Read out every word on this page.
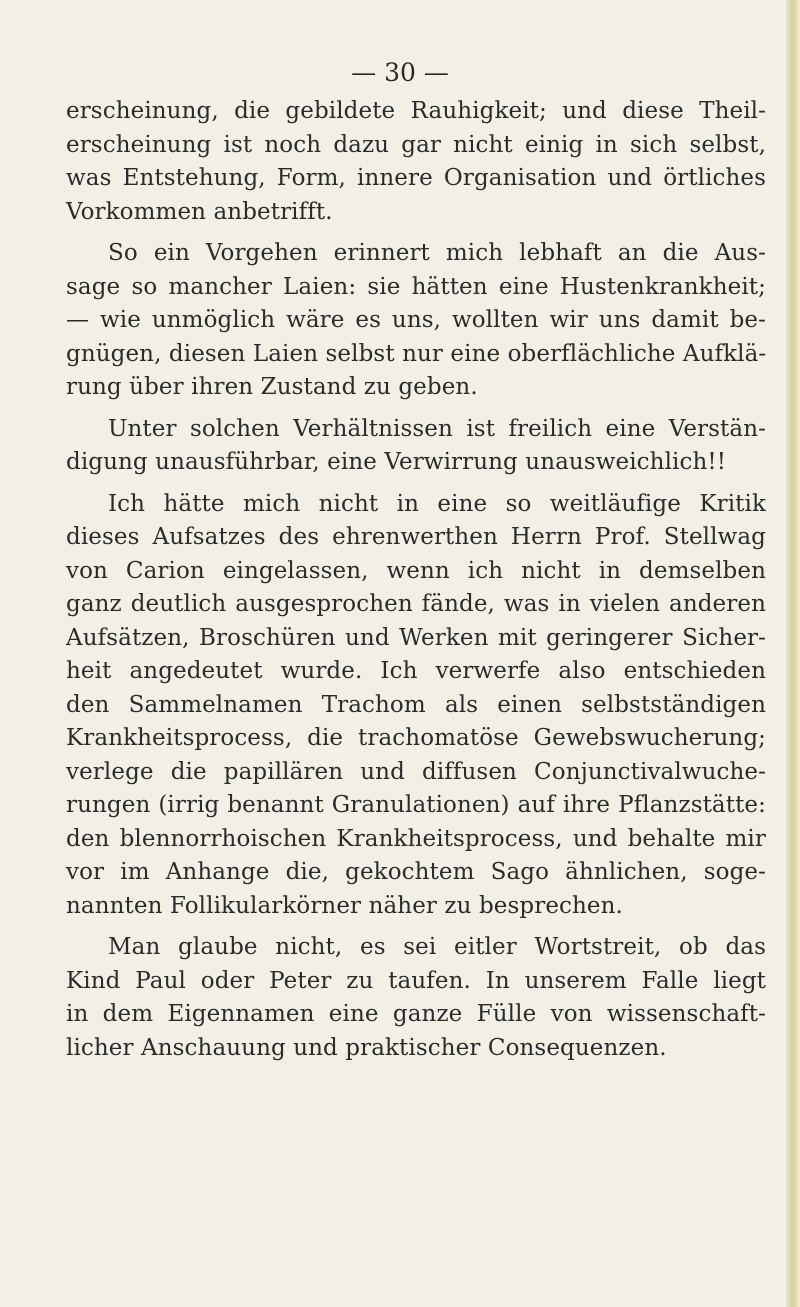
— 30 —

erscheinung, die gebildete Rauhigkeit; und diese Theil-
erscheinung ist noch dazu gar nicht einig in sich selbst,
was Entstehung, Form, innere Organisation und örtliches
Vorkommen anbetrifft.

So ein Vorgehen erinnert mich lebhaft an die Aus-
sage so mancher Laien: sie hätten eine Hustenkrankheit;
— wie unmöglich wäre es uns, wollten wir uns damit be-
gnügen, diesen Laien selbst nur eine oberflächliche Aufklä-
rung über ihren Zustand zu geben.

Unter solchen Verhältnissen ist freilich eine Verstän-
digung unausführbar, eine Verwirrung unausweichlich!!

Ich hätte mich nicht in eine so weitläufige Kritik
dieses Aufsatzes des ehrenwerthen Herrn Prof. Stellwag
von Carion eingelassen, wenn ich nicht in demselben
ganz deutlich ausgesprochen fände, was in vielen anderen
Aufsätzen, Broschüren und Werken mit geringerer Sicher-
heit angedeutet wurde. Ich verwerfe also entschieden
den Sammelnamen Trachom als einen selbstständigen
Krankheitsprocess, die trachomatöse Gewebswucherung;
verlege die papillären und diffusen Conjunctivalwuche-
rungen (irrig benannt Granulationen) auf ihre Pflanzstätte:
den blennorrhoischen Krankheitsprocess, und behalte mir
vor im Anhange die, gekochtem Sago ähnlichen, soge-
nannten Follikularkörner näher zu besprechen.

Man glaube nicht, es sei eitler Wortstreit, ob das
Kind Paul oder Peter zu taufen. In unserem Falle liegt
in dem Eigennamen eine ganze Fülle von wissenschaft-
licher Anschauung und praktischer Consequenzen.
